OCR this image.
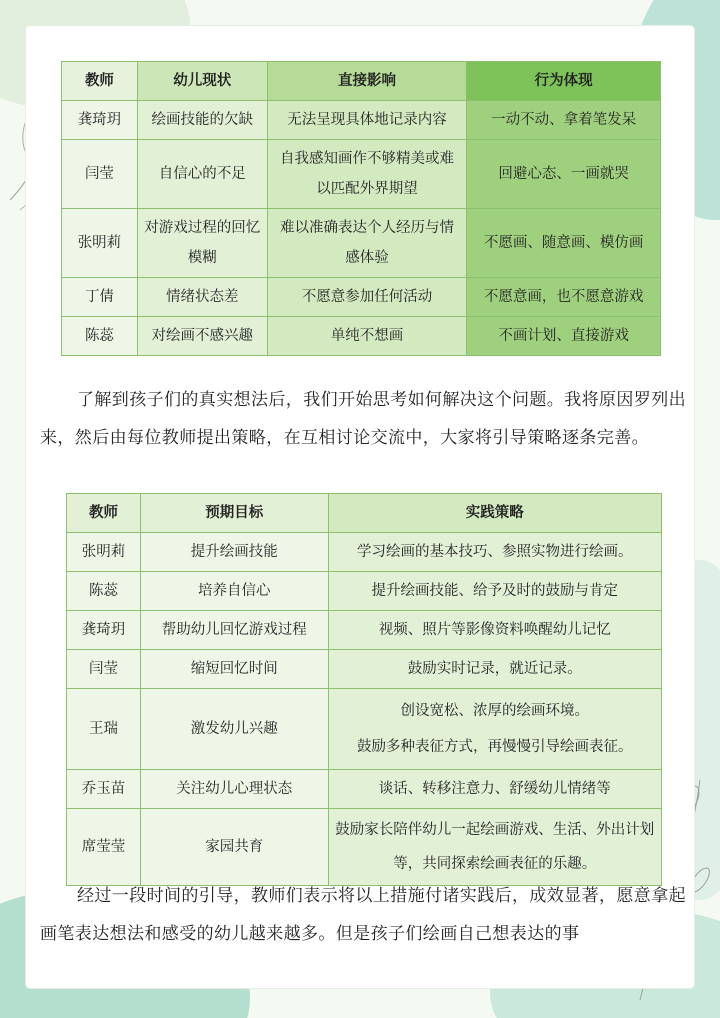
教师	幼儿现状	直接影响	行为体现
龚琦玥	绘画技能的欠缺	无法呈现具体地记录内容	一动不动、拿着笔发呆
闫莹	自信心的不足	自我感知画作不够精美或难以匹配外界期望	回避心态、一画就哭
张明莉	对游戏过程的回忆模糊	难以准确表达个人经历与情感体验	不愿画、随意画、模仿画
丁倩	情绪状态差	不愿意参加任何活动	不愿意画，也不愿意游戏
陈蕊	对绘画不感兴趣	单纯不想画	不画计划、直接游戏
了解到孩子们的真实想法后，我们开始思考如何解决这个问题。我将原因罗列出来，然后由每位教师提出策略，在互相讨论交流中，大家将引导策略逐条完善。
教师	预期目标	实践策略
张明莉	提升绘画技能	学习绘画的基本技巧、参照实物进行绘画。
陈蕊	培养自信心	提升绘画技能、给予及时的鼓励与肯定
龚琦玥	帮助幼儿回忆游戏过程	视频、照片等影像资料唤醒幼儿记忆
闫莹	缩短回忆时间	鼓励实时记录，就近记录。
王瑞	激发幼儿兴趣	创设宽松、浓厚的绘画环境。
鼓励多种表征方式，再慢慢引导绘画表征。

乔玉苗	关注幼儿心理状态	谈话、转移注意力、舒缓幼儿情绪等
席莹莹	家园共育	鼓励家长陪伴幼儿一起绘画游戏、生活、外出计划等，共同探索绘画表征的乐趣。
经过一段时间的引导，教师们表示将以上措施付诸实践后，成效显著，愿意拿起画笔表达想法和感受的幼儿越来越多。但是孩子们绘画自己想表达的事
